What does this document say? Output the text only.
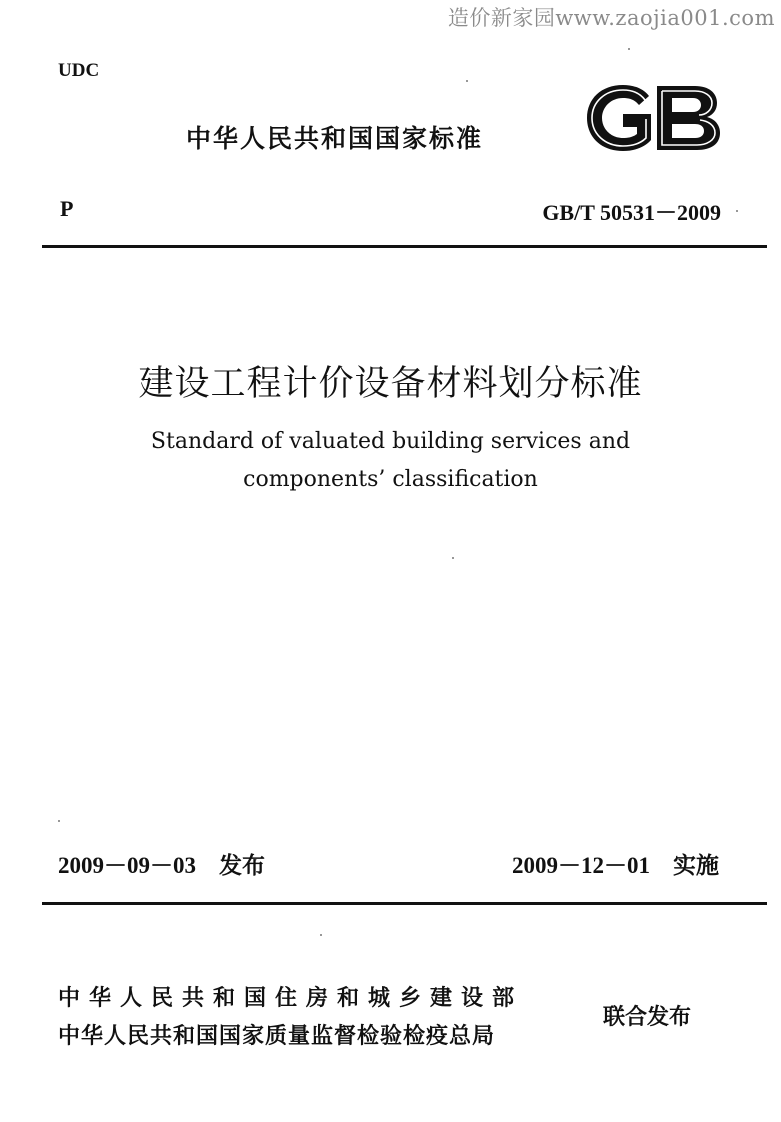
造价新家园www.zaojia001.com
UDC
中华人民共和国国家标准
P	GB/T 50531－2009
建设工程计价设备材料划分标准
Standard of valuated building services and
components’ classification
2009－09－03　发布	2009－12－01　实施
中华人民共和国住房和城乡建设部
中华人民共和国国家质量监督检验检疫总局
联合发布
